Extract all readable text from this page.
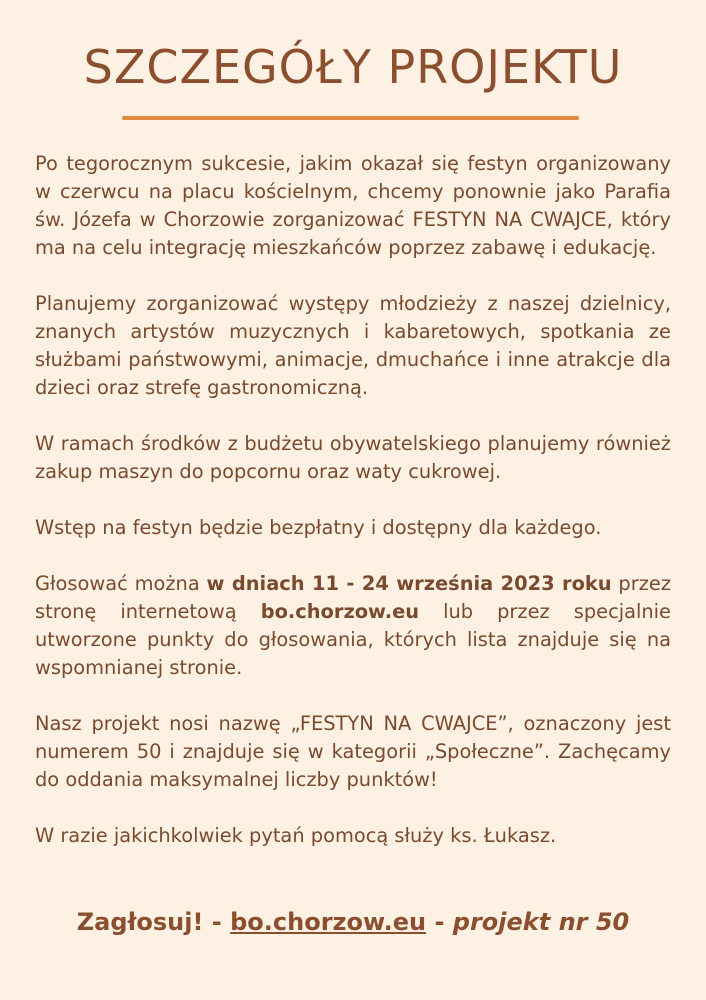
SZCZEGÓŁY PROJEKTU

Po tegorocznym sukcesie, jakim okazał się festyn organizowany w czerwcu na placu kościelnym, chcemy ponownie jako Parafia św. Józefa w Chorzowie zorganizować FESTYN NA CWAJCE, który ma na celu integrację mieszkańców poprzez zabawę i edukację.

Planujemy zorganizować występy młodzieży z naszej dzielnicy, znanych artystów muzycznych i kabaretowych, spotkania ze służbami państwowymi, animacje, dmuchańce i inne atrakcje dla dzieci oraz strefę gastronomiczną.

W ramach środków z budżetu obywatelskiego planujemy również zakup maszyn do popcornu oraz waty cukrowej.

Wstęp na festyn będzie bezpłatny i dostępny dla każdego.

Głosować można w dniach 11 - 24 września 2023 roku przez stronę internetową bo.chorzow.eu lub przez specjalnie utworzone punkty do głosowania, których lista znajduje się na wspomnianej stronie.

Nasz projekt nosi nazwę „FESTYN NA CWAJCE”, oznaczony jest numerem 50 i znajduje się w kategorii „Społeczne”. Zachęcamy do oddania maksymalnej liczby punktów!

W razie jakichkolwiek pytań pomocą służy ks. Łukasz.

Zagłosuj! - bo.chorzow.eu - projekt nr 50
